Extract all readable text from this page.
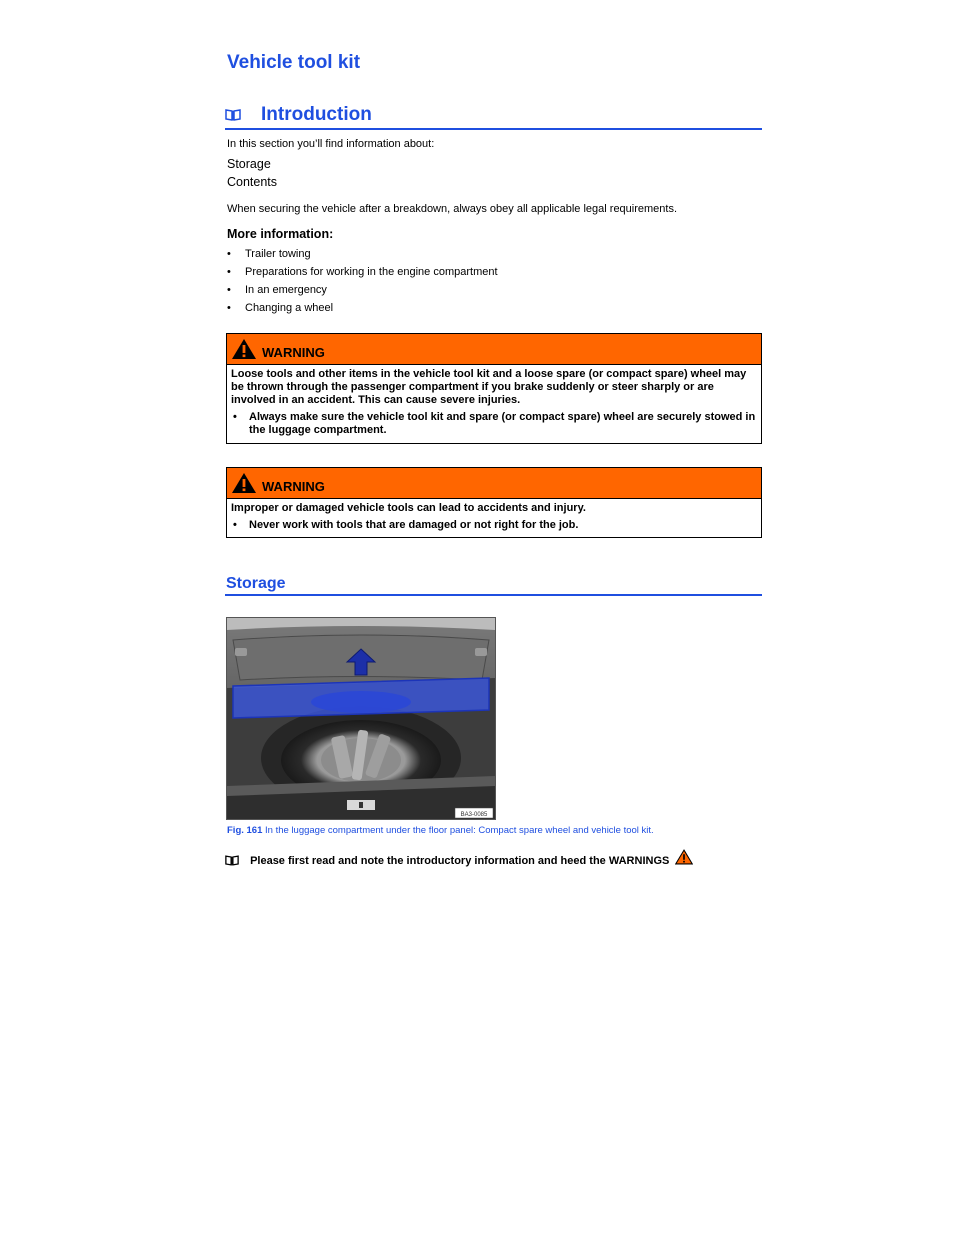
Vehicle tool kit
Introduction
In this section you’ll find information about:
Storage
Contents
When securing the vehicle after a breakdown, always obey all applicable legal requirements.
More information:
• Trailer towing
• Preparations for working in the engine compartment
• In an emergency
• Changing a wheel
WARNING
Loose tools and other items in the vehicle tool kit and a loose spare (or compact spare) wheel may be thrown through the passenger compartment if you brake suddenly or steer sharply or are involved in an accident. This can cause severe injuries.
• Always make sure the vehicle tool kit and spare (or compact spare) wheel are securely stowed in the luggage compartment.
WARNING
Improper or damaged vehicle tools can lead to accidents and injury.
• Never work with tools that are damaged or not right for the job.
Storage
BA3-0085
Fig. 161 In the luggage compartment under the floor panel: Compact spare wheel and vehicle tool kit.
Please first read and note the introductory information and heed the WARNINGS
